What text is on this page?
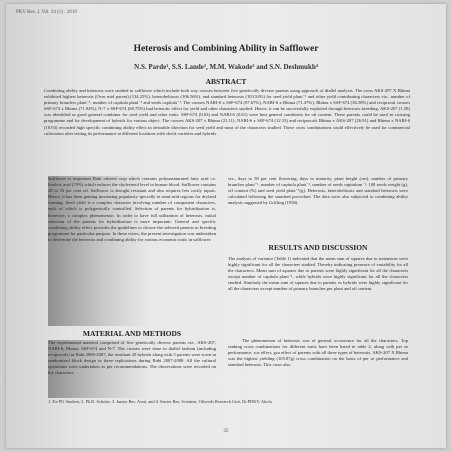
PKV Res. J. Vol. 34 (1) : 2010
Heterosis and Combining Ability in Safflower
N.S. Parde¹, S.S. Lande², M.M. Wakode³ and S.N. Deshmukh⁴
ABSTRACT

Combining ability and heterosis were studied in safflower which include both way crosses between five genetically diverse parents using approach of diallel analysis. The cross AKS-207 X Bhima exhibited highest heterosis (Over mid parent) (134.25%), heterobeltiosis (106.56%), and standard heterosis (103.54%) for seed yield plant⁻¹ and other yield contributing characters viz., number of primary branches plant⁻¹, number of capitula plant⁻¹ and seeds capitula⁻¹. The crosses NARI-6 x SSF-674 (97.67%), NARI-6 x Bhima (71.47%), Bhima x SSF-674 (56.58%) and reciprocal crosses SSF-674 x Bhima (71.92%), N-7 x SSF-674 (60.75%) had heterotic effect for yield and other characters studied. Hence, it can be successfully exploited through heterosis breeding. AKS-207 (1.58) was identified as good general combiner for seed yield and other traits. SSF-674 (0.63) and NARI-6 (0.61) were best general combiners for oil content. These parents could be used in crossing programme and for development of hybrids for various object. The crosses AKS-207 x Bhima (21.11), NARI-6 x SSF-674 (12.33) and reciprocals Bhima x AKS-207 (26.91) and Bhima x NARI-6 (18.93) recorded high specific combining ability effect in desirable direction for seed yield and most of the characters studied. These cross combinations could effectively be used for commercial cultivation after testing its performance at different locations with check varieties and hybrids.

Safflower is important Rabi oilseed crop which contains polyunsaturated fatty acid i.e. linoleic acid (70%) which reduces the cholesterol level in human blood. Safflower contains 28 to 33 per cent oil. Safflower is drought resistant and also requires less costly inputs. Hence, it has been gaining increasing popularity specially in semi-arid regions for dryland farming. Seed yield is a complex character involving number of component characters, each of which is polygenically controlled. Selection of parents for hybridization is, therefore, a complex phenomenon. In order to have full utilization of heterosis, initial selection of the parents for hybridization is more important. General and specific combining ability effect provides the guidelines to choose the selected parents in breeding programme for particular purpose. In these views, the present investigation was undertaken to determine the heterosis and combining ability for various economic traits in safflower.

MATERIAL AND METHODS

The experimental material comprised of five genetically diverse parents viz., AKS-207, NARI-6, Bhima, SSF-674 and N-7. The crosses were done in diallel fashion (including reciprocals) in Rabi 2006-2007, the resultant 20 hybrids along with 5 parents were sown in randomized block design in three replications during Rabi 2007-2008. All the cultural operations were undertaken as per recommendations. The observations were recorded on the characters

viz., days to 50 per cent flowering, days to maturity, plant height (cm), number of primary branches plant⁻¹, number of capitula plant⁻¹, number of seeds capitulum⁻¹, 100 seeds weight (g), oil content (%) and seed yield plant⁻¹(g). Heterosis, heterobeltiosis and standard heterosis were calculated following the standard procedure. The data were also subjected to combining ability analysis suggested by Griffing (1956).

RESULTS AND DISCUSSION

The analysis of variance (Table 1) indicated that the mean sum of squares due to treatments were highly significant for all the characters studied. Thereby indicating presence of variability for all the characters. Mean sum of squares due to parents were highly significant for all the characters except number of capitula plant⁻¹, while hybrids were highly significant for all the characters studied. Similarly the mean sum of squares due to parents vs hybrids were highly significant for all the characters except number of primary branches per plant and oil content.

The phenomenon of heterosis was of general occurrence for all the characters. Top ranking cross combinations for different traits have been listed in table 2, along with per se performance, sca effect, gca effect of parents with all three types of heterosis. AKS-207 X Bhima was the highest yielding (105.87g) cross combination on the basis of per se performance and standard heterosis. This cross also

1. Ex-PG Student, 2. Ph.D. Scholar, 3. Junior Res. Asstt. and 4. Senior Res. Scientist, Oilseeds Research Unit, Dr.PDKV, Akola
35
